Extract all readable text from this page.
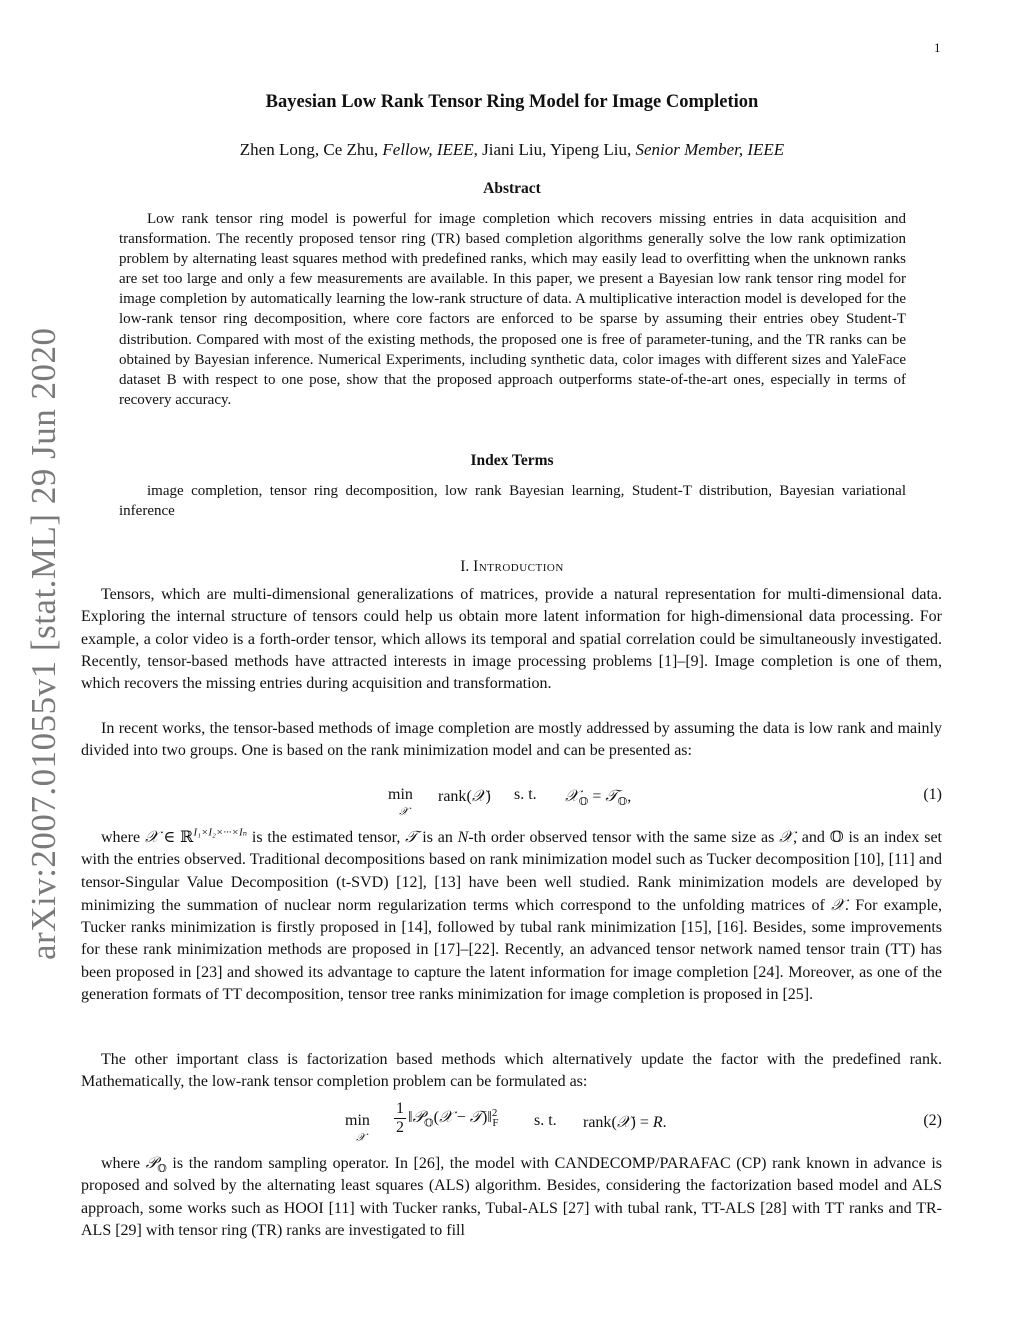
1
arXiv:2007.01055v1 [stat.ML] 29 Jun 2020
Bayesian Low Rank Tensor Ring Model for Image Completion
Zhen Long, Ce Zhu, Fellow, IEEE, Jiani Liu, Yipeng Liu, Senior Member, IEEE
Abstract

Low rank tensor ring model is powerful for image completion which recovers missing entries in data acquisition and transformation. The recently proposed tensor ring (TR) based completion algorithms generally solve the low rank optimization problem by alternating least squares method with predefined ranks, which may easily lead to overfitting when the unknown ranks are set too large and only a few measurements are available. In this paper, we present a Bayesian low rank tensor ring model for image completion by automatically learning the low-rank structure of data. A multiplicative interaction model is developed for the low-rank tensor ring decomposition, where core factors are enforced to be sparse by assuming their entries obey Student-T distribution. Compared with most of the existing methods, the proposed one is free of parameter-tuning, and the TR ranks can be obtained by Bayesian inference. Numerical Experiments, including synthetic data, color images with different sizes and YaleFace dataset B with respect to one pose, show that the proposed approach outperforms state-of-the-art ones, especially in terms of recovery accuracy.

Index Terms

image completion, tensor ring decomposition, low rank Bayesian learning, Student-T distribution, Bayesian variational inference

I. Introduction

Tensors, which are multi-dimensional generalizations of matrices, provide a natural representation for multi-dimensional data. Exploring the internal structure of tensors could help us obtain more latent information for high-dimensional data processing. For example, a color video is a forth-order tensor, which allows its temporal and spatial correlation could be simultaneously investigated. Recently, tensor-based methods have attracted interests in image processing problems [1]–[9]. Image completion is one of them, which recovers the missing entries during acquisition and transformation.

In recent works, the tensor-based methods of image completion are mostly addressed by assuming the data is low rank and mainly divided into two groups. One is based on the rank minimization model and can be presented as:

min
𝒳
rank(𝒳) s. t. 𝒳$_𝕆$ = 𝒯$_𝕆$,	(1)

where 𝒳 ∈ ℝ$^{I_1\times I_2\times\cdot\cdot\cdot\times I_n}$ is the estimated tensor, 𝒯 is an N-th order observed tensor with the same size as 𝒳, and 𝕆 is an index set with the entries observed. Traditional decompositions based on rank minimization model such as Tucker decomposition [10], [11] and tensor-Singular Value Decomposition (t-SVD) [12], [13] have been well studied. Rank minimization models are developed by minimizing the summation of nuclear norm regularization terms which correspond to the unfolding matrices of 𝒳. For example, Tucker ranks minimization is firstly proposed in [14], followed by tubal rank minimization [15], [16]. Besides, some improvements for these rank minimization methods are proposed in [17]–[22]. Recently, an advanced tensor network named tensor train (TT) has been proposed in [23] and showed its advantage to capture the latent information for image completion [24]. Moreover, as one of the generation formats of TT decomposition, tensor tree ranks minimization for image completion is proposed in [25].

The other important class is factorization based methods which alternatively update the factor with the predefined rank. Mathematically, the low-rank tensor completion problem can be formulated as:

min
𝒳
$\frac{1}{2}$ ‖𝒫$_𝕆$(𝒳 − 𝒯)‖$^2_F$ s. t. rank(𝒳) = R.	(2)

where 𝒫$_𝕆$ is the random sampling operator. In [26], the model with CANDECOMP/PARAFAC (CP) rank known in advance is proposed and solved by the alternating least squares (ALS) algorithm. Besides, considering the factorization based model and ALS approach, some works such as HOOI [11] with Tucker ranks, Tubal-ALS [27] with tubal rank, TT-ALS [28] with TT ranks and TR-ALS [29] with tensor ring (TR) ranks are investigated to fill
